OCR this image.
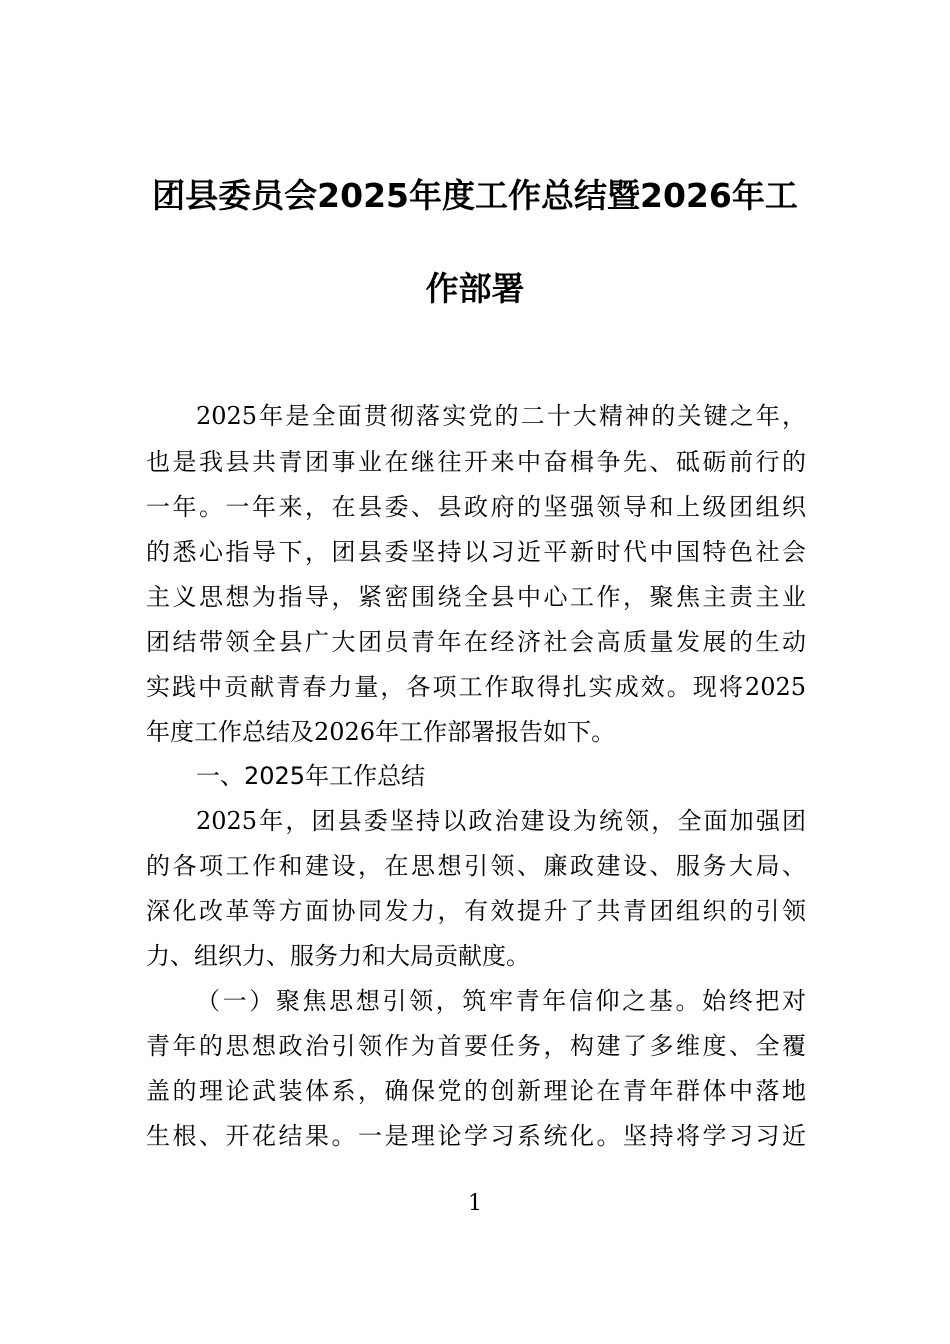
团县委员会2025年度工作总结暨2026年工
作部署
2025年是全面贯彻落实党的二十大精神的关键之年，
也是我县共青团事业在继往开来中奋楫争先、砥砺前行的
一年。一年来，在县委、县政府的坚强领导和上级团组织
的悉心指导下，团县委坚持以习近平新时代中国特色社会
主义思想为指导，紧密围绕全县中心工作，聚焦主责主业
团结带领全县广大团员青年在经济社会高质量发展的生动
实践中贡献青春力量，各项工作取得扎实成效。现将2025
年度工作总结及2026年工作部署报告如下。
一、2025年工作总结
2025年，团县委坚持以政治建设为统领，全面加强团
的各项工作和建设，在思想引领、廉政建设、服务大局、
深化改革等方面协同发力，有效提升了共青团组织的引领
力、组织力、服务力和大局贡献度。
（一）聚焦思想引领，筑牢青年信仰之基。始终把对
青年的思想政治引领作为首要任务，构建了多维度、全覆
盖的理论武装体系，确保党的创新理论在青年群体中落地
生根、开花结果。一是理论学习系统化。坚持将学习习近
1
